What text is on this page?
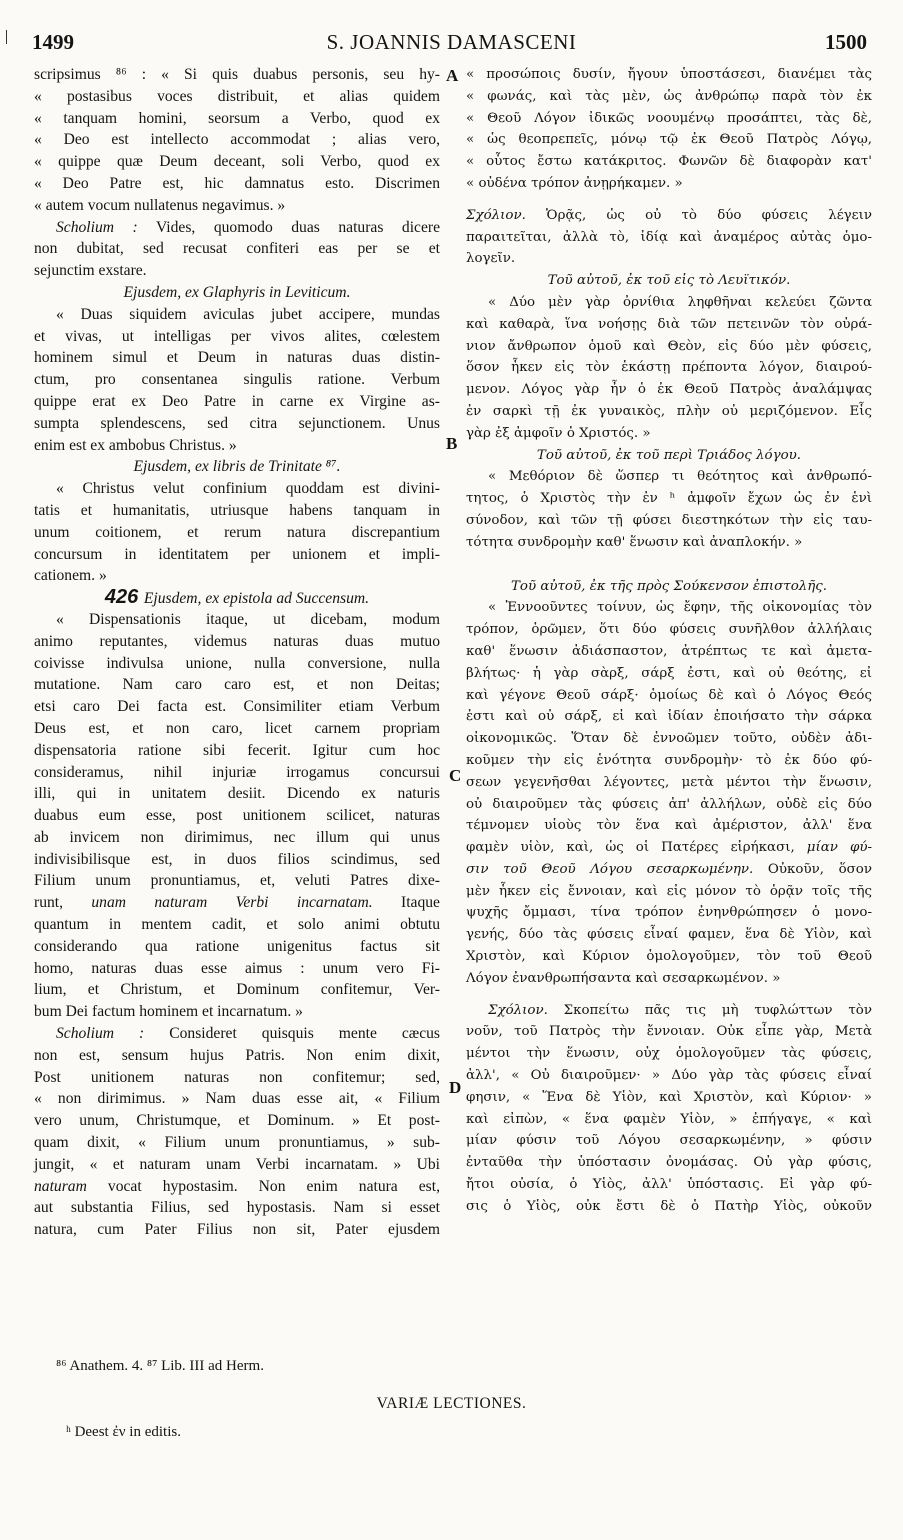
1499	S. JOANNIS DAMASCENI	1500
scripsimus ⁸⁶ : « Si quis duabus personis, seu hy-
« postasibus voces distribuit, et alias quidem
« tanquam homini, seorsum a Verbo, quod ex
« Deo est intellecto accommodat ; alias vero,
« quippe quæ Deum deceant, soli Verbo, quod ex
« Deo Patre est, hic damnatus esto. Discrimen
« autem vocum nullatenus negavimus. »
Scholium : Vides, quomodo duas naturas dicere
non dubitat, sed recusat confiteri eas per se et
sejunctim exstare.
Ejusdem, ex Glaphyris in Leviticum.
« Duas siquidem aviculas jubet accipere, mundas
et vivas, ut intelligas per vivos alites, cœlestem
hominem simul et Deum in naturas duas distin-
ctum, pro consentanea singulis ratione. Verbum
quippe erat ex Deo Patre in carne ex Virgine as-
sumpta splendescens, sed citra sejunctionem. Unus
enim est ex ambobus Christus. »
Ejusdem, ex libris de Trinitate ⁸⁷.
« Christus velut confinium quoddam est divini-
tatis et humanitatis, utriusque habens tanquam in
unum coitionem, et rerum natura discrepantium
concursum in identitatem per unionem et impli-
cationem. »
426 Ejusdem, ex epistola ad Succensum.
« Dispensationis itaque, ut dicebam, modum
animo reputantes, videmus naturas duas mutuo
coivisse indivulsa unione, nulla conversione, nulla
mutatione. Nam caro caro est, et non Deitas;
etsi caro Dei facta est. Consimiliter etiam Verbum
Deus est, et non caro, licet carnem propriam
dispensatoria ratione sibi fecerit. Igitur cum hoc
consideramus, nihil injuriæ irrogamus concursui
illi, qui in unitatem desiit. Dicendo ex naturis
duabus eum esse, post unitionem scilicet, naturas
ab invicem non dirimimus, nec illum qui unus
indivisibilisque est, in duos filios scindimus, sed
Filium unum pronuntiamus, et, veluti Patres dixe-
runt, unam naturam Verbi incarnatam. Itaque
quantum in mentem cadit, et solo animi obtutu
considerando qua ratione unigenitus factus sit
homo, naturas duas esse aimus : unum vero Fi-
lium, et Christum, et Dominum confitemur, Ver-
bum Dei factum hominem et incarnatum. »
Scholium : Consideret quisquis mente cæcus
non est, sensum hujus Patris. Non enim dixit,
Post unitionem naturas non confitemur; sed,
« non dirimimus. » Nam duas esse ait, « Filium
vero unum, Christumque, et Dominum. » Et post-
quam dixit, « Filium unum pronuntiamus, » sub-
jungit, « et naturam unam Verbi incarnatam. » Ubi
naturam vocat hypostasim. Non enim natura est,
aut substantia Filius, sed hypostasis. Nam si esset
natura, cum Pater Filius non sit, Pater ejusdem
« προσώποις δυσίν, ἤγουν ὑποστάσεσι, διανέμει τὰς
« φωνάς, καὶ τὰς μὲν, ὡς ἀνθρώπῳ παρὰ τὸν ἐκ
« Θεοῦ Λόγον ἰδικῶς νοουμένῳ προσάπτει, τὰς δὲ,
« ὡς θεοπρεπεῖς, μόνῳ τῷ ἐκ Θεοῦ Πατρὸς Λόγῳ,
« οὗτος ἔστω κατάκριτος. Φωνῶν δὲ διαφορὰν κατ'
« οὐδένα τρόπον ἀνῃρήκαμεν. »
Σχόλιον. Ὁρᾷς, ὡς οὐ τὸ δύο φύσεις λέγειν
παραιτεῖται, ἀλλὰ τὸ, ἰδίᾳ καὶ ἀναμέρος αὐτὰς ὁμο-
λογεῖν.
Τοῦ αὐτοῦ, ἐκ τοῦ εἰς τὸ Λευϊτικόν.
« Δύο μὲν γὰρ ὀρνίθια ληφθῆναι κελεύει ζῶντα
καὶ καθαρὰ, ἵνα νοήσῃς διὰ τῶν πετεινῶν τὸν οὐρά-
νιον ἄνθρωπον ὁμοῦ καὶ Θεὸν, εἰς δύο μὲν φύσεις,
ὅσον ἧκεν εἰς τὸν ἑκάστῃ πρέποντα λόγον, διαιρού-
μενον. Λόγος γὰρ ἦν ὁ ἐκ Θεοῦ Πατρὸς ἀναλάμψας
ἐν σαρκὶ τῇ ἐκ γυναικὸς, πλὴν οὐ μεριζόμενον. Εἷς
γὰρ ἐξ ἀμφοῖν ὁ Χριστός. »
Τοῦ αὐτοῦ, ἐκ τοῦ περὶ Τριάδος λόγου.
« Μεθόριον δὲ ὥσπερ τι θεότητος καὶ ἀνθρωπό-
τητος, ὁ Χριστὸς τὴν ἐν ʰ ἀμφοῖν ἔχων ὡς ἐν ἑνὶ
σύνοδον, καὶ τῶν τῇ φύσει διεστηκότων τὴν εἰς ταυ-
τότητα συνδρομὴν καθ' ἕνωσιν καὶ ἀναπλοκήν. »
Τοῦ αὐτοῦ, ἐκ τῆς πρὸς Σούκενσον ἐπιστολῆς.
« Ἐννοοῦντες τοίνυν, ὡς ἔφην, τῆς οἰκονομίας τὸν
τρόπον, ὁρῶμεν, ὅτι δύο φύσεις συνῆλθον ἀλλήλαις
καθ' ἕνωσιν ἀδιάσπαστον, ἀτρέπτως τε καὶ ἀμετα-
βλήτως· ἡ γὰρ σὰρξ, σάρξ ἐστι, καὶ οὐ θεότης, εἰ
καὶ γέγονε Θεοῦ σάρξ· ὁμοίως δὲ καὶ ὁ Λόγος Θεός
ἐστι καὶ οὐ σάρξ, εἰ καὶ ἰδίαν ἐποιήσατο τὴν σάρκα
οἰκονομικῶς. Ὅταν δὲ ἐννοῶμεν τοῦτο, οὐδὲν ἀδι-
κοῦμεν τὴν εἰς ἑνότητα συνδρομὴν· τὸ ἐκ δύο φύ-
σεων γεγενῆσθαι λέγοντες, μετὰ μέντοι τὴν ἕνωσιν,
οὐ διαιροῦμεν τὰς φύσεις ἀπ' ἀλλήλων, οὐδὲ εἰς δύο
τέμνομεν υἱοὺς τὸν ἕνα καὶ ἀμέριστον, ἀλλ' ἕνα
φαμὲν υἱὸν, καὶ, ὡς οἱ Πατέρες εἰρήκασι, μίαν φύ-
σιν τοῦ Θεοῦ Λόγου σεσαρκωμένην. Οὐκοῦν, ὅσον
μὲν ἧκεν εἰς ἔννοιαν, καὶ εἰς μόνον τὸ ὁρᾷν τοῖς τῆς
ψυχῆς ὄμμασι, τίνα τρόπον ἐνηνθρώπησεν ὁ μονο-
γενής, δύο τὰς φύσεις εἶναί φαμεν, ἕνα δὲ Υἱὸν, καὶ
Χριστὸν, καὶ Κύριον ὁμολογοῦμεν, τὸν τοῦ Θεοῦ
Λόγον ἐνανθρωπήσαντα καὶ σεσαρκωμένον. »
Σχόλιον. Σκοπείτω πᾶς τις μὴ τυφλώττων τὸν
νοῦν, τοῦ Πατρὸς τὴν ἔννοιαν. Οὐκ εἶπε γὰρ, Μετὰ
μέντοι τὴν ἕνωσιν, οὐχ ὁμολογοῦμεν τὰς φύσεις,
ἀλλ', « Οὐ διαιροῦμεν· » Δύο γὰρ τὰς φύσεις εἶναί
φησιν, « Ἕνα δὲ Υἱὸν, καὶ Χριστὸν, καὶ Κύριον· »
καὶ εἰπὼν, « ἕνα φαμὲν Υἱὸν, » ἐπήγαγε, « καὶ
μίαν φύσιν τοῦ Λόγου σεσαρκωμένην, » φύσιν
ἐνταῦθα τὴν ὑπόστασιν ὀνομάσας. Οὐ γὰρ φύσις,
ἤτοι οὐσία, ὁ Υἱὸς, ἀλλ' ὑπόστασις. Εἰ γὰρ φύ-
σις ὁ Υἱὸς, οὐκ ἔστι δὲ ὁ Πατὴρ Υἱὸς, οὐκοῦν
A
B
C
D
⁸⁶ Anathem. 4. ⁸⁷ Lib. III ad Herm.
VARIÆ LECTIONES.
ʰ Deest ἐν in editis.
